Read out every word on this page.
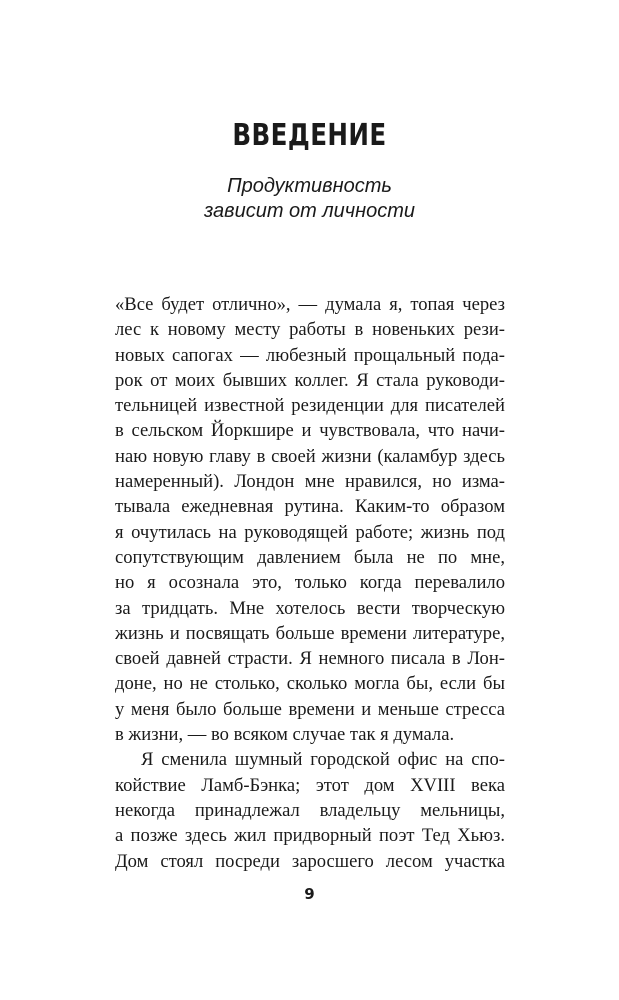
ВВЕДЕНИЕ
Продуктивность
зависит от личности
«Все будет отлично», — думала я, топая через
лес к новому месту работы в новеньких рези-
новых сапогах — любезный прощальный пода-
рок от моих бывших коллег. Я стала руководи-
тельницей известной резиденции для писателей
в сельском Йоркшире и чувствовала, что начи-
наю новую главу в своей жизни (каламбур здесь
намеренный). Лондон мне нравился, но изма-
тывала ежедневная рутина. Каким-то образом
я очутилась на руководящей работе; жизнь под
сопутствующим давлением была не по мне,
но я осознала это, только когда перевалило
за тридцать. Мне хотелось вести творческую
жизнь и посвящать больше времени литературе,
своей давней страсти. Я немного писала в Лон-
доне, но не столько, сколько могла бы, если бы
у меня было больше времени и меньше стресса
в жизни, — во всяком случае так я думала.
Я сменила шумный городской офис на спо-
койствие Ламб-Бэнка; этот дом XVIII века
некогда принадлежал владельцу мельницы,
а позже здесь жил придворный поэт Тед Хьюз.
Дом стоял посреди заросшего лесом участка
9
